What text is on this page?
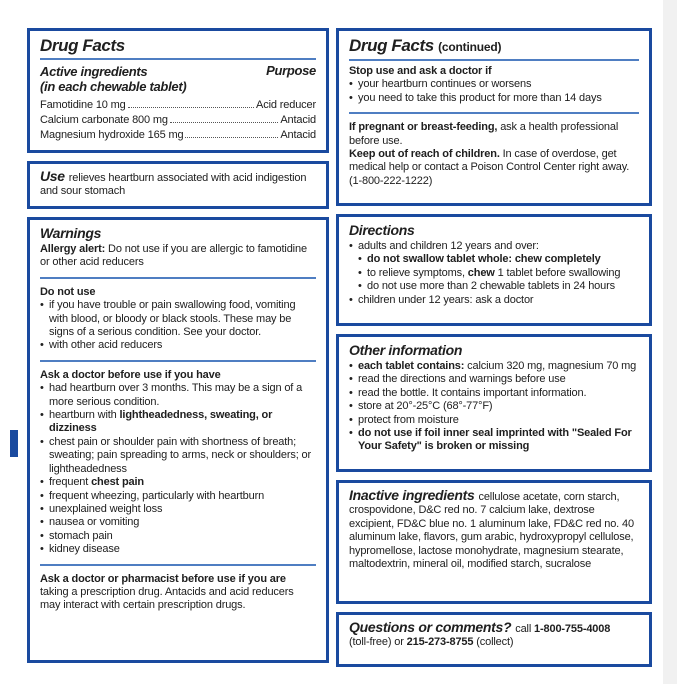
Drug Facts
Active ingredients
(in each chewable tablet)
Purpose
Famotidine 10 mg	Acid reducer
Calcium carbonate 800 mg	Antacid
Magnesium hydroxide 165 mg	Antacid
Use relieves heartburn associated with acid indigestion and sour stomach
Warnings
Allergy alert: Do not use if you are allergic to famotidine or other acid reducers
Do not use
• if you have trouble or pain swallowing food, vomiting with blood, or bloody or black stools. These may be signs of a serious condition. See your doctor.
• with other acid reducers
Ask a doctor before use if you have
• had heartburn over 3 months. This may be a sign of a more serious condition.
• heartburn with lightheadedness, sweating, or dizziness
• chest pain or shoulder pain with shortness of breath; sweating; pain spreading to arms, neck or shoulders; or lightheadedness
• frequent chest pain
• frequent wheezing, particularly with heartburn
• unexplained weight loss
• nausea or vomiting
• stomach pain
• kidney disease
Ask a doctor or pharmacist before use if you are taking a prescription drug. Antacids and acid reducers may interact with certain prescription drugs.
Drug Facts (continued)
Stop use and ask a doctor if
• your heartburn continues or worsens
• you need to take this product for more than 14 days
If pregnant or breast-feeding, ask a health professional before use.
Keep out of reach of children. In case of overdose, get medical help or contact a Poison Control Center right away. (1-800-222-1222)
Directions
• adults and children 12 years and over:
• do not swallow tablet whole: chew completely
• to relieve symptoms, chew 1 tablet before swallowing
• do not use more than 2 chewable tablets in 24 hours
• children under 12 years: ask a doctor
Other information
• each tablet contains: calcium 320 mg, magnesium 70 mg
• read the directions and warnings before use
• read the bottle. It contains important information.
• store at 20°-25°C (68°-77°F)
• protect from moisture
• do not use if foil inner seal imprinted with "Sealed For Your Safety" is broken or missing
Inactive ingredients cellulose acetate, corn starch, crospovidone, D&C red no. 7 calcium lake, dextrose excipient, FD&C blue no. 1 aluminum lake, FD&C red no. 40 aluminum lake, flavors, gum arabic, hydroxypropyl cellulose, hypromellose, lactose monohydrate, magnesium stearate, maltodextrin, mineral oil, modified starch, sucralose
Questions or comments? call 1-800-755-4008
(toll-free) or 215-273-8755 (collect)
